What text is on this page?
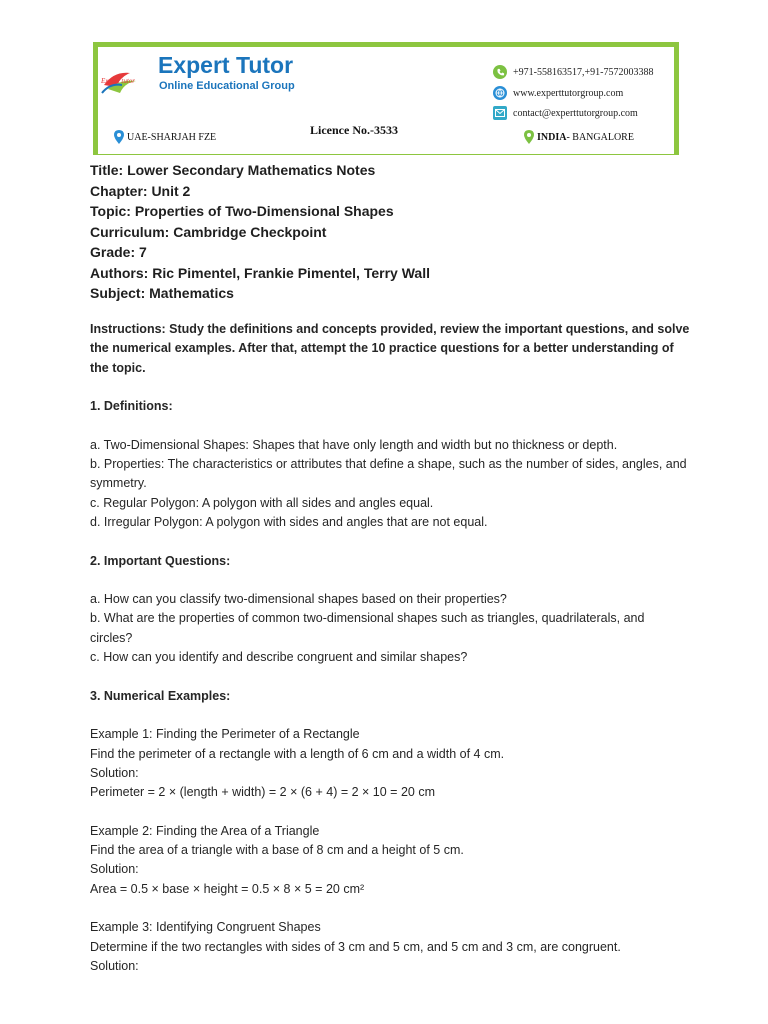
Expert Tutor
Expert tutor Online Educational Group
+971-558163517,+91-7572003388
www.experttutorgroup.com
contact@experttutorgroup.com
UAE-SHARJAH FZE	Licence No.-3533	INDIA - BANGALORE
Title: Lower Secondary Mathematics Notes
Chapter: Unit 2
Topic: Properties of Two-Dimensional Shapes
Curriculum: Cambridge Checkpoint
Grade: 7
Authors: Ric Pimentel, Frankie Pimentel, Terry Wall
Subject: Mathematics

Instructions: Study the definitions and concepts provided, review the important questions, and solve the numerical examples. After that, attempt the 10 practice questions for a better understanding of the topic.

1. Definitions:

a. Two-Dimensional Shapes: Shapes that have only length and width but no thickness or depth.

b. Properties: The characteristics or attributes that define a shape, such as the number of sides, angles, and symmetry.

c. Regular Polygon: A polygon with all sides and angles equal.

d. Irregular Polygon: A polygon with sides and angles that are not equal.

2. Important Questions:

a. How can you classify two-dimensional shapes based on their properties?

b. What are the properties of common two-dimensional shapes such as triangles, quadrilaterals, and circles?

c. How can you identify and describe congruent and similar shapes?

3. Numerical Examples:

Example 1: Finding the Perimeter of a Rectangle

Find the perimeter of a rectangle with a length of 6 cm and a width of 4 cm.

Solution:

Perimeter = 2 × (length + width) = 2 × (6 + 4) = 2 × 10 = 20 cm

Example 2: Finding the Area of a Triangle

Find the area of a triangle with a base of 8 cm and a height of 5 cm.

Solution:

Area = 0.5 × base × height = 0.5 × 8 × 5 = 20 cm²

Example 3: Identifying Congruent Shapes

Determine if the two rectangles with sides of 3 cm and 5 cm, and 5 cm and 3 cm, are congruent.

Solution:
